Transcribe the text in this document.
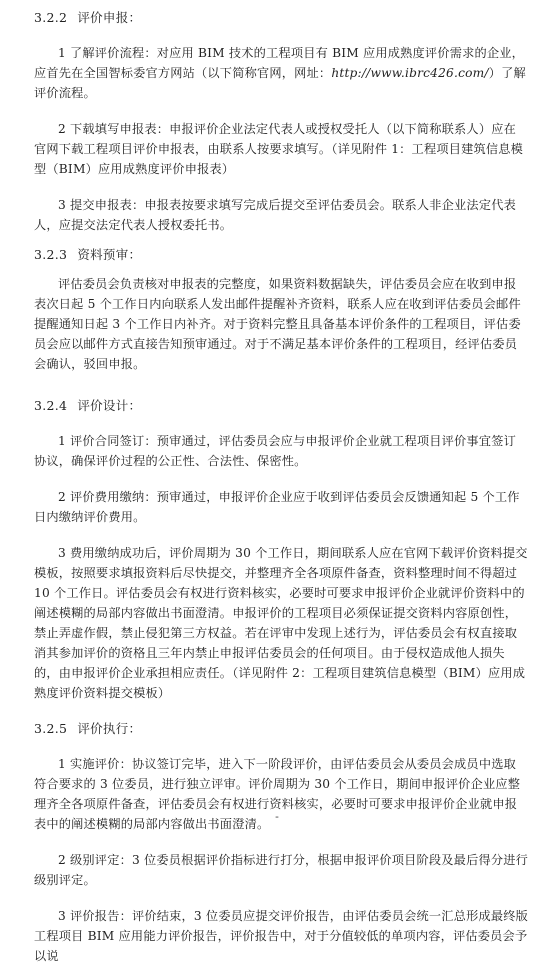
3.2.2 评价申报：

1 了解评价流程：对应用 BIM 技术的工程项目有 BIM 应用成熟度评价需求的企业，应首先在全国智标委官方网站（以下简称官网，网址：http://www.ibrc426.com/）了解评价流程。

2 下载填写申报表：申报评价企业法定代表人或授权受托人（以下简称联系人）应在官网下载工程项目评价申报表，由联系人按要求填写。（详见附件 1：工程项目建筑信息模型（BIM）应用成熟度评价申报表）

3 提交申报表：申报表按要求填写完成后提交至评估委员会。联系人非企业法定代表人，应提交法定代表人授权委托书。

3.2.3 资料预审：

评估委员会负责核对申报表的完整度，如果资料数据缺失，评估委员会应在收到申报表次日起 5 个工作日内向联系人发出邮件提醒补齐资料，联系人应在收到评估委员会邮件提醒通知日起 3 个工作日内补齐。对于资料完整且具备基本评价条件的工程项目，评估委员会应以邮件方式直接告知预审通过。对于不满足基本评价条件的工程项目，经评估委员会确认，驳回申报。

3.2.4 评价设计：

1 评价合同签订：预审通过，评估委员会应与申报评价企业就工程项目评价事宜签订协议，确保评价过程的公正性、合法性、保密性。

2 评价费用缴纳：预审通过，申报评价企业应于收到评估委员会反馈通知起 5 个工作日内缴纳评价费用。

3 费用缴纳成功后，评价周期为 30 个工作日，期间联系人应在官网下载评价资料提交模板，按照要求填报资料后尽快提交，并整理齐全各项原件备查，资料整理时间不得超过 10 个工作日。评估委员会有权进行资料核实，必要时可要求申报评价企业就评价资料中的阐述模糊的局部内容做出书面澄清。申报评价的工程项目必须保证提交资料内容原创性，禁止弄虚作假，禁止侵犯第三方权益。若在评审中发现上述行为，评估委员会有权直接取消其参加评价的资格且三年内禁止申报评估委员会的任何项目。由于侵权造成他人损失的，由申报评价企业承担相应责任。（详见附件 2：工程项目建筑信息模型（BIM）应用成熟度评价资料提交模板）

3.2.5 评价执行：

1 实施评价：协议签订完毕，进入下一阶段评价，由评估委员会从委员会成员中选取符合要求的 3 位委员，进行独立评审。评价周期为 30 个工作日，期间申报评价企业应整理齐全各项原件备查，评估委员会有权进行资料核实，必要时可要求申报评价企业就申报表中的阐述模糊的局部内容做出书面澄清。

2 级别评定：3 位委员根据评价指标进行打分，根据申报评价项目阶段及最后得分进行级别评定。

3 评价报告：评价结束，3 位委员应提交评价报告，由评估委员会统一汇总形成最终版工程项目 BIM 应用能力评价报告，评价报告中，对于分值较低的单项内容，评估委员会予以说

-
